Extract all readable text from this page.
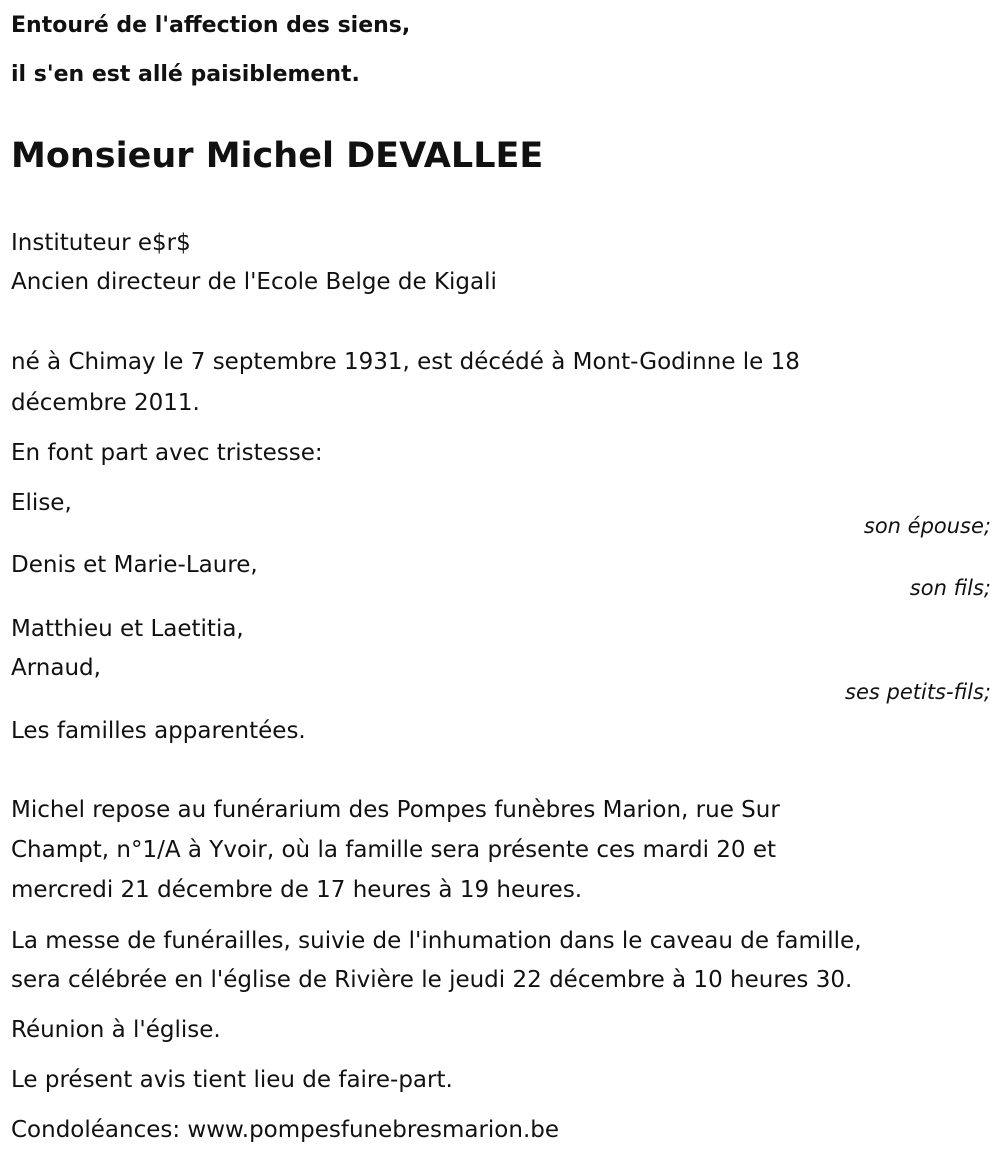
Entouré de l'affection des siens,
il s'en est allé paisiblement.
Monsieur Michel DEVALLEE
Instituteur e$r$
Ancien directeur de l'Ecole Belge de Kigali
né à Chimay le 7 septembre 1931, est décédé à Mont-Godinne le 18
décembre 2011.
En font part avec tristesse:
Elise,
son épouse;
Denis et Marie-Laure,
son fils;
Matthieu et Laetitia,
Arnaud,
ses petits-fils;
Les familles apparentées.
Michel repose au funérarium des Pompes funèbres Marion, rue Sur
Champt, n°1/A à Yvoir, où la famille sera présente ces mardi 20 et
mercredi 21 décembre de 17 heures à 19 heures.
La messe de funérailles, suivie de l'inhumation dans le caveau de famille,
sera célébrée en l'église de Rivière le jeudi 22 décembre à 10 heures 30.
Réunion à l'église.
Le présent avis tient lieu de faire-part.
Condoléances: www.pompesfunebresmarion.be
